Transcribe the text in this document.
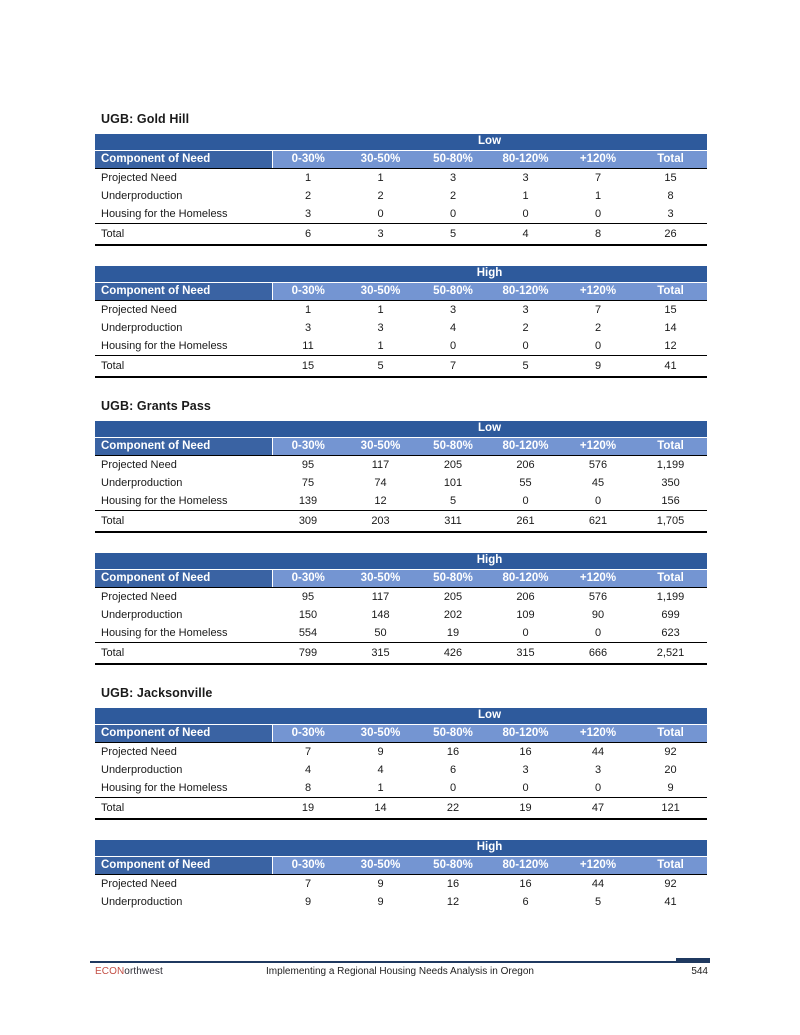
UGB: Gold Hill
	Low					
Component of Need	0-30%	30-50%	50-80%	80-120%	+120%	Total
Projected Need	1	1	3	3	7	15
Underproduction	2	2	2	1	1	8
Housing for the Homeless	3	0	0	0	0	3
Total	6	3	5	4	8	26
	High					
Component of Need	0-30%	30-50%	50-80%	80-120%	+120%	Total
Projected Need	1	1	3	3	7	15
Underproduction	3	3	4	2	2	14
Housing for the Homeless	11	1	0	0	0	12
Total	15	5	7	5	9	41
UGB: Grants Pass
	Low					
Component of Need	0-30%	30-50%	50-80%	80-120%	+120%	Total
Projected Need	95	117	205	206	576	1,199
Underproduction	75	74	101	55	45	350
Housing for the Homeless	139	12	5	0	0	156
Total	309	203	311	261	621	1,705
	High					
Component of Need	0-30%	30-50%	50-80%	80-120%	+120%	Total
Projected Need	95	117	205	206	576	1,199
Underproduction	150	148	202	109	90	699
Housing for the Homeless	554	50	19	0	0	623
Total	799	315	426	315	666	2,521
UGB: Jacksonville
	Low					
Component of Need	0-30%	30-50%	50-80%	80-120%	+120%	Total
Projected Need	7	9	16	16	44	92
Underproduction	4	4	6	3	3	20
Housing for the Homeless	8	1	0	0	0	9
Total	19	14	22	19	47	121
	High					
Component of Need	0-30%	30-50%	50-80%	80-120%	+120%	Total
Projected Need	7	9	16	16	44	92
Underproduction	9	9	12	6	5	41
ECONorthwest	Implementing a Regional Housing Needs Analysis in Oregon	544
